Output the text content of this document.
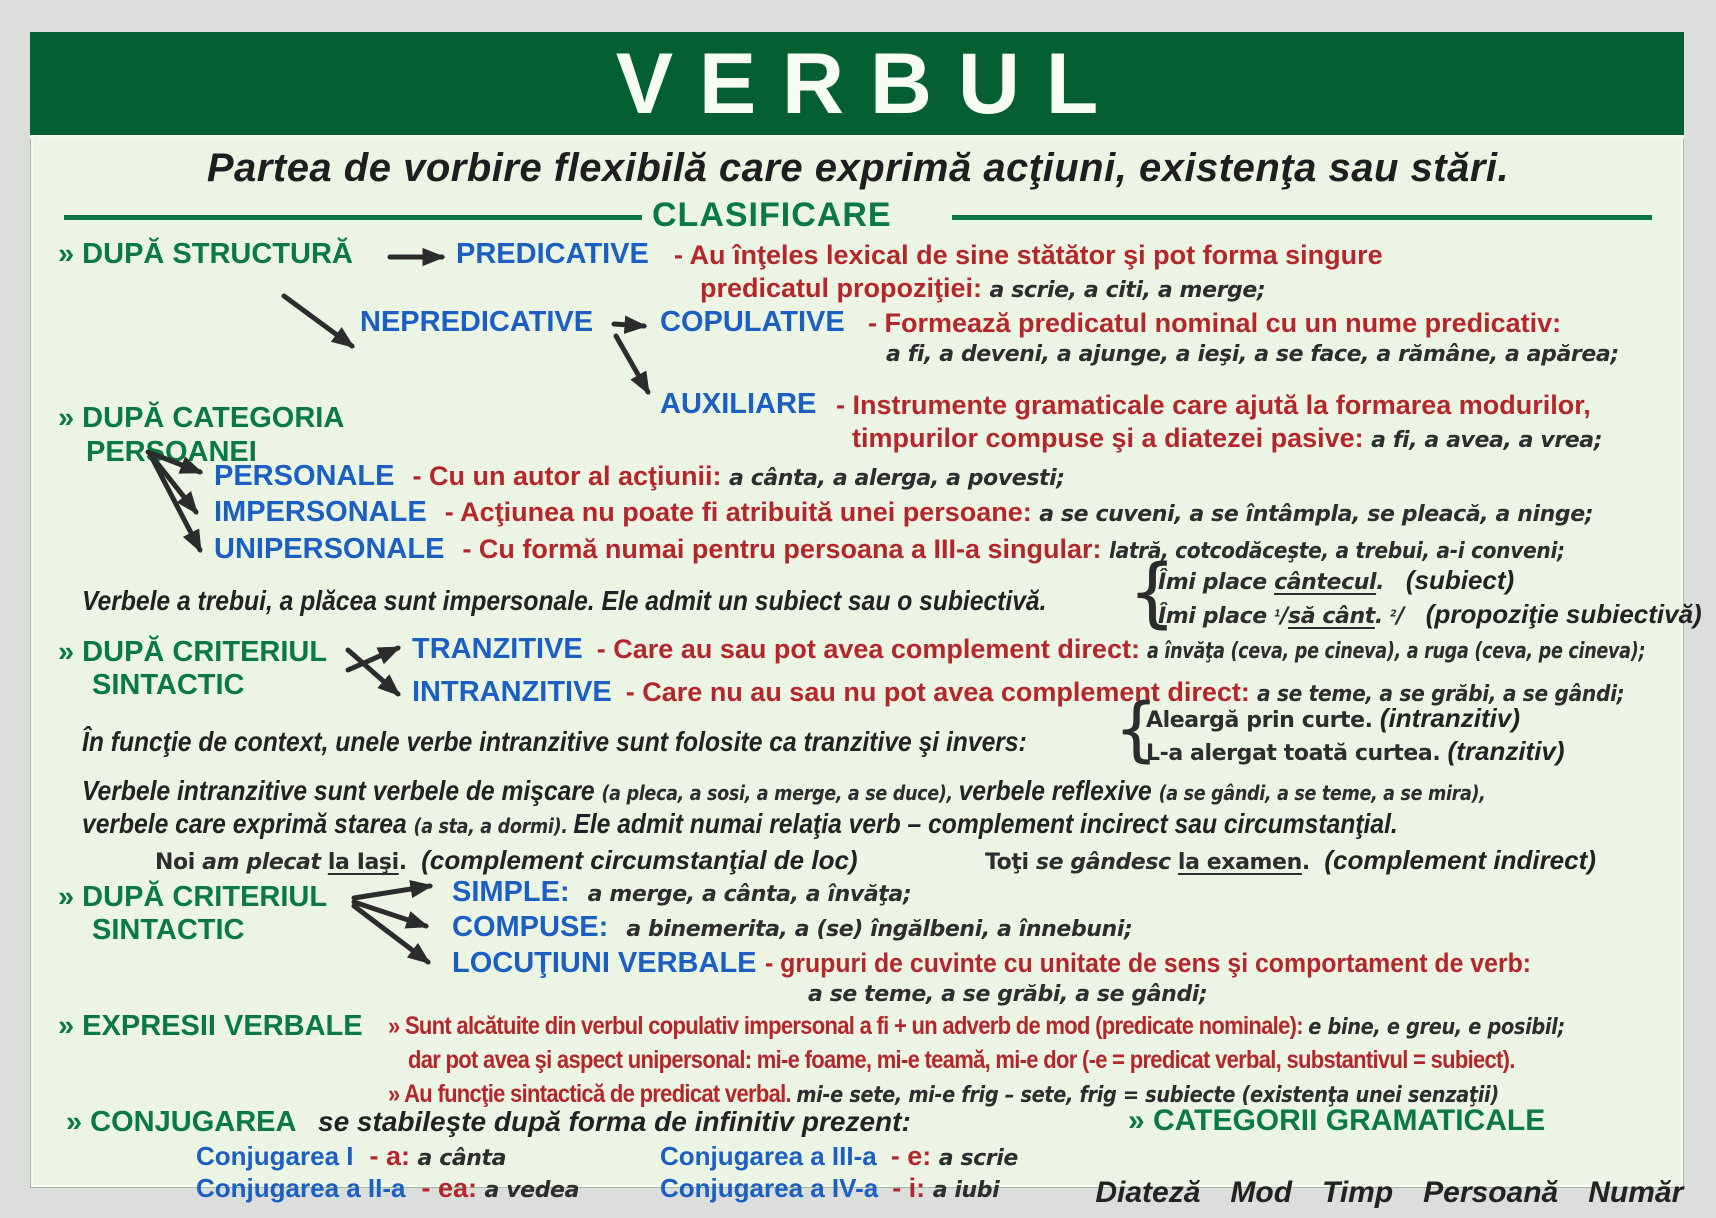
VERBUL
Partea de vorbire flexibilă care exprimă acţiuni, existenţa sau stări.
CLASIFICARE
» DUPĂ STRUCTURĂ	PREDICATIVE - Au înţeles lexical de sine stătător şi pot forma singure
predicatul propoziţiei: a scrie, a citi, a merge;
NEPREDICATIVE COPULATIVE - Formează predicatul nominal cu un nume predicativ:
a fi, a deveni, a ajunge, a ieşi, a se face, a rămâne, a apărea;
AUXILIARE - Instrumente gramaticale care ajută la formarea modurilor,
timpurilor compuse şi a diatezei pasive: a fi, a avea, a vrea;
» DUPĂ CATEGORIA
PERSOANEI
PERSONALE - Cu un autor al acţiunii: a cânta, a alerga, a povesti;
IMPERSONALE - Acţiunea nu poate fi atribuită unei persoane: a se cuveni, a se întâmpla, se pleacă, a ninge;
UNIPERSONALE - Cu formă numai pentru persoana a III-a singular: latră, cotcodăceşte, a trebui, a-i conveni;
Verbele a trebui, a plăcea sunt impersonale. Ele admit un subiect sau o subiectivă.	{
Îmi place cântecul.   (subiect)
Îmi place $^1$/să cânt. $^2$/   (propoziţie subiectivă)
» DUPĂ CRITERIUL
SINTACTIC
TRANZITIVE - Care au sau pot avea complement direct: a învăţa (ceva, pe cineva), a ruga (ceva, pe cineva);
INTRANZITIVE - Care nu au sau nu pot avea complement direct: a se teme, a se grăbi, a se gândi;
În funcţie de context, unele verbe intranzitive sunt folosite ca tranzitive şi invers:	{
Aleargă prin curte. (intranzitiv)
L-a alergat toată curtea. (tranzitiv)
Verbele intranzitive sunt verbele de mişcare (a pleca, a sosi, a merge, a se duce), verbele reflexive (a se gândi, a se teme, a se mira),
verbele care exprimă starea (a sta, a dormi). Ele admit numai relaţia verb – complement incirect sau circumstanţial.
Noi am plecat la Iaşi.  (complement circumstanţial de loc)	Toţi se gândesc la examen.  (complement indirect)
» DUPĂ CRITERIUL
SINTACTIC
SIMPLE: a merge, a cânta, a învăţa;
COMPUSE: a binemerita, a (se) îngălbeni, a înnebuni;
LOCUŢIUNI VERBALE - grupuri de cuvinte cu unitate de sens şi comportament de verb:
a se teme, a se grăbi, a se gândi;
» EXPRESII VERBALE » Sunt alcătuite din verbul copulativ impersonal a fi + un adverb de mod (predicate nominale): e bine, e greu, e posibil;
dar pot avea şi aspect unipersonal: mi-e foame, mi-e teamă, mi-e dor (-e = predicat verbal, substantivul = subiect).
» Au funcţie sintactică de predicat verbal. mi-e sete, mi-e frig – sete, frig = subiecte (existenţa unei senzaţii)
» CONJUGAREA se stabileşte după forma de infinitiv prezent:
Conjugarea I - a: a cânta	Conjugarea a III-a - e: a scrie
Conjugarea a II-a - ea: a vedea	Conjugarea a IV-a - i: a iubi
» CATEGORII GRAMATICALE

Diateză Mod Timp Persoană Număr
